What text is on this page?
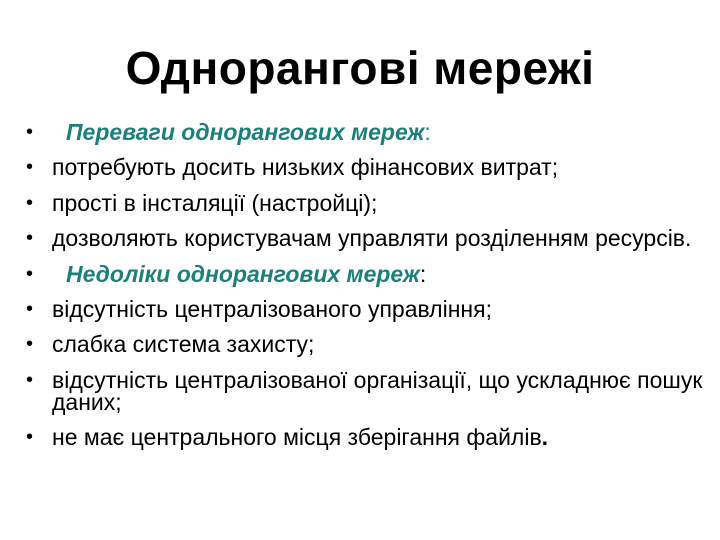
Однорангові мережі
• Переваги однорангових мереж:
• потребують досить низьких фінансових витрат;
• прості в інсталяції (настройці);
• дозволяють користувачам управляти розділенням ресурсів.
• Недоліки однорангових мереж:
• відсутність централізованого управління;
• слабка система захисту;
• відсутність централізованої організації, що ускладнює пошук даних;
• не має центрального місця зберігання файлів.
